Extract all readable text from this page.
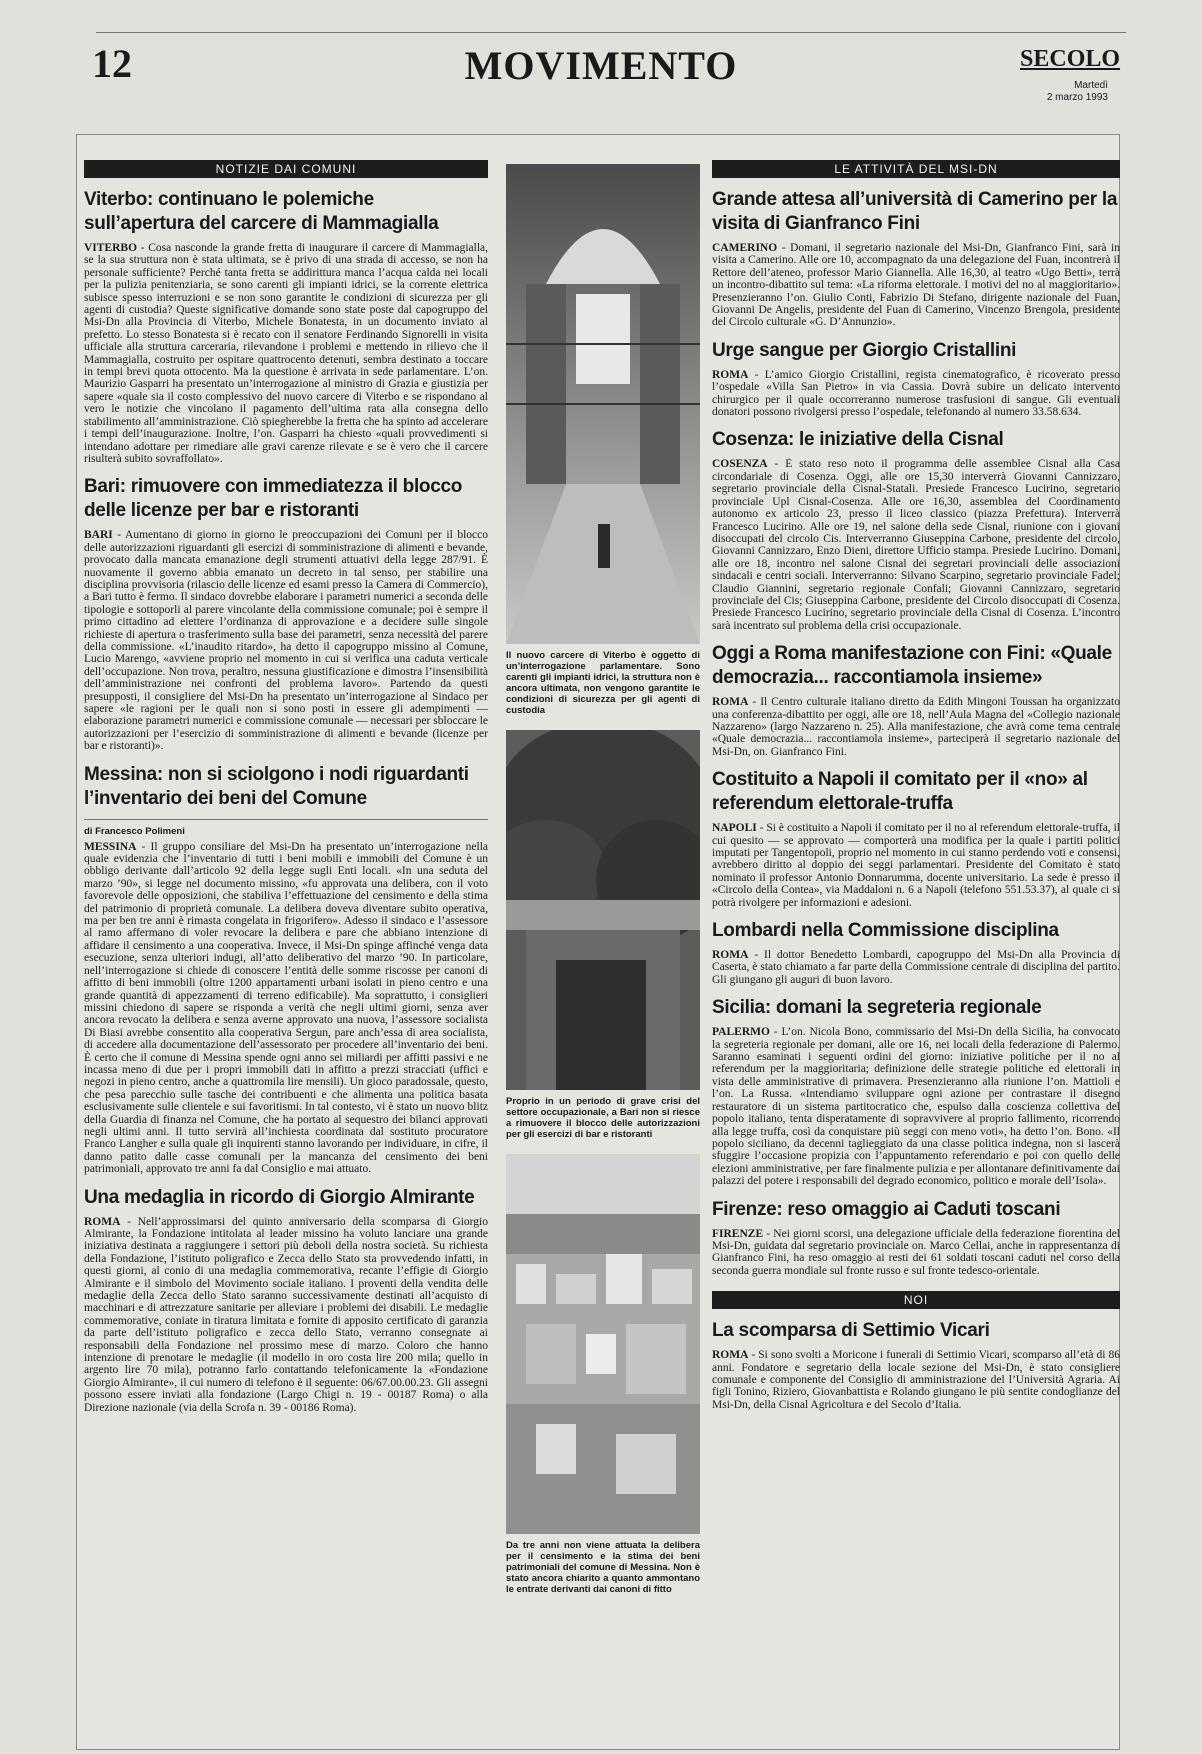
12	MOVIMENTO	SECOLO
Martedì
2 marzo 1993
NOTIZIE DAI COMUNI
Viterbo: continuano le polemiche sull’apertura del carcere di Mammagialla

VITERBO - Cosa nasconde la grande fretta di inaugurare il carcere di Mammagialla, se la sua struttura non è stata ultimata, se è privo di una strada di accesso, se non ha personale sufficiente? Perché tanta fretta se addirittura manca l’acqua calda nei locali per la pulizia penitenziaria, se sono carenti gli impianti idrici, se la corrente elettrica subisce spesso interruzioni e se non sono garantite le condizioni di sicurezza per gli agenti di custodia? Queste significative domande sono state poste dal capogruppo del Msi-Dn alla Provincia di Viterbo, Michele Bonatesta, in un documento inviato al prefetto. Lo stesso Bonatesta si è recato con il senatore Ferdinando Signorelli in visita ufficiale alla struttura carceraria, rilevandone i problemi e mettendo in rilievo che il Mammagialla, costruito per ospitare quattrocento detenuti, sembra destinato a toccare in tempi brevi quota ottocento. Ma la questione è arrivata in sede parlamentare. L’on. Maurizio Gasparri ha presentato un’interrogazione al ministro di Grazia e giustizia per sapere «quale sia il costo complessivo del nuovo carcere di Viterbo e se rispondano al vero le notizie che vincolano il pagamento dell’ultima rata alla consegna dello stabilimento all’amministrazione. Ciò spiegherebbe la fretta che ha spinto ad accelerare i tempi dell’inaugurazione. Inoltre, l’on. Gasparri ha chiesto «quali provvedimenti si intendano adottare per rimediare alle gravi carenze rilevate e se è vero che il carcere risulterà subito sovraffollato».

Bari: rimuovere con immediatezza il blocco delle licenze per bar e ristoranti

BARI - Aumentano di giorno in giorno le preoccupazioni dei Comuni per il blocco delle autorizzazioni riguardanti gli esercizi di somministrazione di alimenti e bevande, provocato dalla mancata emanazione degli strumenti attuativi della legge 287/91. È nuovamente il governo abbia emanato un decreto in tal senso, per stabilire una disciplina provvisoria (rilascio delle licenze ed esami presso la Camera di Commercio), a Bari tutto è fermo. Il sindaco dovrebbe elaborare i parametri numerici a seconda delle tipologie e sottoporli al parere vincolante della commissione comunale; poi è sempre il primo cittadino ad elettere l’ordinanza di approvazione e a decidere sulle singole richieste di apertura o trasferimento sulla base dei parametri, senza necessità del parere della commissione. «L’inaudito ritardo», ha detto il capogruppo missino al Comune, Lucio Marengo, «avviene proprio nel momento in cui si verifica una caduta verticale dell’occupazione. Non trova, peraltro, nessuna giustificazione e dimostra l’insensibilità dell’amministrazione nei confronti del problema lavoro». Partendo da questi presupposti, il consigliere del Msi-Dn ha presentato un’interrogazione al Sindaco per sapere «le ragioni per le quali non si sono posti in essere gli adempimenti — elaborazione parametri numerici e commissione comunale — necessari per sbloccare le autorizzazioni per l’esercizio di somministrazione di alimenti e bevande (licenze per bar e ristoranti)».

Messina: non si sciolgono i nodi riguardanti l’inventario dei beni del Comune
di Francesco Polimeni

MESSINA - Il gruppo consiliare del Msi-Dn ha presentato un’interrogazione nella quale evidenzia che l’inventario di tutti i beni mobili e immobili del Comune è un obbligo derivante dall’articolo 92 della legge sugli Enti locali. «In una seduta del marzo ’90», si legge nel documento missino, «fu approvata una delibera, con il voto favorevole delle opposizioni, che stabiliva l’effettuazione del censimento e della stima del patrimonio di proprietà comunale. La delibera doveva diventare subito operativa, ma per ben tre anni è rimasta congelata in frigorifero». Adesso il sindaco e l’assessore al ramo affermano di voler revocare la delibera e pare che abbiano intenzione di affidare il censimento a una cooperativa. Invece, il Msi-Dn spinge affinché venga data esecuzione, senza ulteriori indugi, all’atto deliberativo del marzo ’90. In particolare, nell’interrogazione si chiede di conoscere l’entità delle somme riscosse per canoni di affitto di beni immobili (oltre 1200 appartamenti urbani isolati in pieno centro e una grande quantità di appezzamenti di terreno edificabile). Ma soprattutto, i consiglieri missini chiedono di sapere se risponda a verità che negli ultimi giorni, senza aver ancora revocato la delibera e senza averne approvato una nuova, l’assessore socialista Di Biasi avrebbe consentito alla cooperativa Sergun, pare anch’essa di area socialista, di accedere alla documentazione dell’assessorato per procedere all’inventario dei beni. È certo che il comune di Messina spende ogni anno sei miliardi per affitti passivi e ne incassa meno di due per i propri immobili dati in affitto a prezzi stracciati (uffici e negozi in pieno centro, anche a quattromila lire mensili). Un gioco paradossale, questo, che pesa parecchio sulle tasche dei contribuenti e che alimenta una politica basata esclusivamente sulle clientele e sui favoritismi. In tal contesto, vi è stato un nuovo blitz della Guardia di finanza nel Comune, che ha portato al sequestro dei bilanci approvati negli ultimi anni. Il tutto servirà all’inchiesta coordinata dal sostituto procuratore Franco Langher e sulla quale gli inquirenti stanno lavorando per individuare, in cifre, il danno patito dalle casse comunali per la mancanza del censimento dei beni patrimoniali, approvato tre anni fa dal Consiglio e mai attuato.

Una medaglia in ricordo di Giorgio Almirante

ROMA - Nell’approssimarsi del quinto anniversario della scomparsa di Giorgio Almirante, la Fondazione intitolata al leader missino ha voluto lanciare una grande iniziativa destinata a raggiungere i settori più deboli della nostra società. Su richiesta della Fondazione, l’istituto poligrafico e Zecca dello Stato sta provvedendo infatti, in questi giorni, al conio di una medaglia commemorativa, recante l’effigie di Giorgio Almirante e il simbolo del Movimento sociale italiano. I proventi della vendita delle medaglie della Zecca dello Stato saranno successivamente destinati all’acquisto di macchinari e di attrezzature sanitarie per alleviare i problemi dei disabili. Le medaglie commemorative, coniate in tiratura limitata e fornite di apposito certificato di garanzia da parte dell’istituto poligrafico e zecca dello Stato, verranno consegnate ai responsabili della Fondazione nel prossimo mese di marzo. Coloro che hanno intenzione di prenotare le medaglie (il modello in oro costa lire 200 mila; quello in argento lire 70 mila), potranno farlo contattando telefonicamente la «Fondazione Giorgio Almirante», il cui numero di telefono è il seguente: 06/67.00.00.23. Gli assegni possono essere inviati alla fondazione (Largo Chigi n. 19 - 00187 Roma) o alla Direzione nazionale (via della Scrofa n. 39 - 00186 Roma).

Il nuovo carcere di Viterbo è oggetto di un’interrogazione parlamentare. Sono carenti gli impianti idrici, la struttura non è ancora ultimata, non vengono garantite le condizioni di sicurezza per gli agenti di custodia
Proprio in un periodo di grave crisi del settore occupazionale, a Bari non si riesce a rimuovere il blocco delle autorizzazioni per gli esercizi di bar e ristoranti
Da tre anni non viene attuata la delibera per il censimento e la stima dei beni patrimoniali del comune di Messina. Non è stato ancora chiarito a quanto ammontano le entrate derivanti dai canoni di fitto
LE ATTIVITÀ DEL MSI-DN
Grande attesa all’università di Camerino per la visita di Gianfranco Fini

CAMERINO - Domani, il segretario nazionale del Msi-Dn, Gianfranco Fini, sarà in visita a Camerino. Alle ore 10, accompagnato da una delegazione del Fuan, incontrerà il Rettore dell’ateneo, professor Mario Giannella. Alle 16,30, al teatro «Ugo Betti», terrà un incontro-dibattito sul tema: «La riforma elettorale. I motivi del no al maggioritario». Presenzieranno l’on. Giulio Conti, Fabrizio Di Stefano, dirigente nazionale del Fuan, Giovanni De Angelis, presidente del Fuan di Camerino, Vincenzo Brengola, presidente del Circolo culturale «G. D’Annunzio».

Urge sangue per Giorgio Cristallini

ROMA - L’amico Giorgio Cristallini, regista cinematografico, è ricoverato presso l’ospedale «Villa San Pietro» in via Cassia. Dovrà subire un delicato intervento chirurgico per il quale occorreranno numerose trasfusioni di sangue. Gli eventuali donatori possono rivolgersi presso l’ospedale, telefonando al numero 33.58.634.

Cosenza: le iniziative della Cisnal

COSENZA - È stato reso noto il programma delle assemblee Cisnal alla Casa circondariale di Cosenza. Oggi, alle ore 15,30 interverrà Giovanni Cannizzaro, segretario provinciale della Cisnal-Statali. Presiede Francesco Lucirino, segretario provinciale Upl Cisnal-Cosenza. Alle ore 16,30, assemblea del Coordinamento autonomo ex articolo 23, presso il liceo classico (piazza Prefettura). Interverrà Francesco Lucirino. Alle ore 19, nel salone della sede Cisnal, riunione con i giovani disoccupati del circolo Cis. Interverranno Giuseppina Carbone, presidente del circolo, Giovanni Cannizzaro, Enzo Dieni, direttore Ufficio stampa. Presiede Lucirino. Domani, alle ore 18, incontro nel salone Cisnal dei segretari provinciali delle associazioni sindacali e centri sociali. Interverranno: Silvano Scarpino, segretario provinciale Fadel; Claudio Giannini, segretario regionale Confali; Giovanni Cannizzaro, segretario provinciale del Cis; Giuseppina Carbone, presidente del Circolo disoccupati di Cosenza. Presiede Francesco Lucirino, segretario provinciale della Cisnal di Cosenza. L’incontro sarà incentrato sul problema della crisi occupazionale.

Oggi a Roma manifestazione con Fini: «Quale democrazia... raccontiamola insieme»

ROMA - Il Centro culturale italiano diretto da Edith Mingoni Toussan ha organizzato una conferenza-dibattito per oggi, alle ore 18, nell’Aula Magna del «Collegio nazionale Nazzareno» (largo Nazzareno n. 25). Alla manifestazione, che avrà come tema centrale «Quale democrazia... raccontiamola insieme», parteciperà il segretario nazionale del Msi-Dn, on. Gianfranco Fini.

Costituito a Napoli il comitato per il «no» al referendum elettorale-truffa

NAPOLI - Si è costituito a Napoli il comitato per il no al referendum elettorale-truffa, il cui quesito — se approvato — comporterà una modifica per la quale i partiti politici imputati per Tangentopoli, proprio nel momento in cui stanno perdendo voti e consensi, avrebbero diritto al doppio dei seggi parlamentari. Presidente del Comitato è stato nominato il professor Antonio Donnarumma, docente universitario. La sede è presso il «Circolo della Contea», via Maddaloni n. 6 a Napoli (telefono 551.53.37), al quale ci si potrà rivolgere per informazioni e adesioni.

Lombardi nella Commissione disciplina

ROMA - Il dottor Benedetto Lombardi, capogruppo del Msi-Dn alla Provincia di Caserta, è stato chiamato a far parte della Commissione centrale di disciplina del partito. Gli giungano gli auguri di buon lavoro.

Sicilia: domani la segreteria regionale

PALERMO - L’on. Nicola Bono, commissario del Msi-Dn della Sicilia, ha convocato la segreteria regionale per domani, alle ore 16, nei locali della federazione di Palermo. Saranno esaminati i seguenti ordini del giorno: iniziative politiche per il no al referendum per la maggioritaria; definizione delle strategie politiche ed elettorali in vista delle amministrative di primavera. Presenzieranno alla riunione l’on. Mattioli e l’on. La Russa. «Intendiamo sviluppare ogni azione per contrastare il disegno restauratore di un sistema partitocratico che, espulso dalla coscienza collettiva del popolo italiano, tenta disperatamente di sopravvivere al proprio fallimento, ricorrendo alla legge truffa, così da conquistare più seggi con meno voti», ha detto l’on. Bono. «Il popolo siciliano, da decenni taglieggiato da una classe politica indegna, non si lascerà sfuggire l’occasione propizia con l’appuntamento referendario e poi con quello delle elezioni amministrative, per fare finalmente pulizia e per allontanare definitivamente dai palazzi del potere i responsabili del degrado economico, politico e morale dell’Isola».

Firenze: reso omaggio ai Caduti toscani

FIRENZE - Nei giorni scorsi, una delegazione ufficiale della federazione fiorentina del Msi-Dn, guidata dal segretario provinciale on. Marco Cellai, anche in rappresentanza di Gianfranco Fini, ha reso omaggio ai resti dei 61 soldati toscani caduti nel corso della seconda guerra mondiale sul fronte russo e sul fronte tedesco-orientale.

NOI
La scomparsa di Settimio Vicari

ROMA - Si sono svolti a Moricone i funerali di Settimio Vicari, scomparso all’età di 86 anni. Fondatore e segretario della locale sezione del Msi-Dn, è stato consigliere comunale e componente del Consiglio di amministrazione del l’Università Agraria. Ai figli Tonino, Riziero, Giovanbattista e Rolando giungano le più sentite condoglianze del Msi-Dn, della Cisnal Agricoltura e del Secolo d’Italia.
